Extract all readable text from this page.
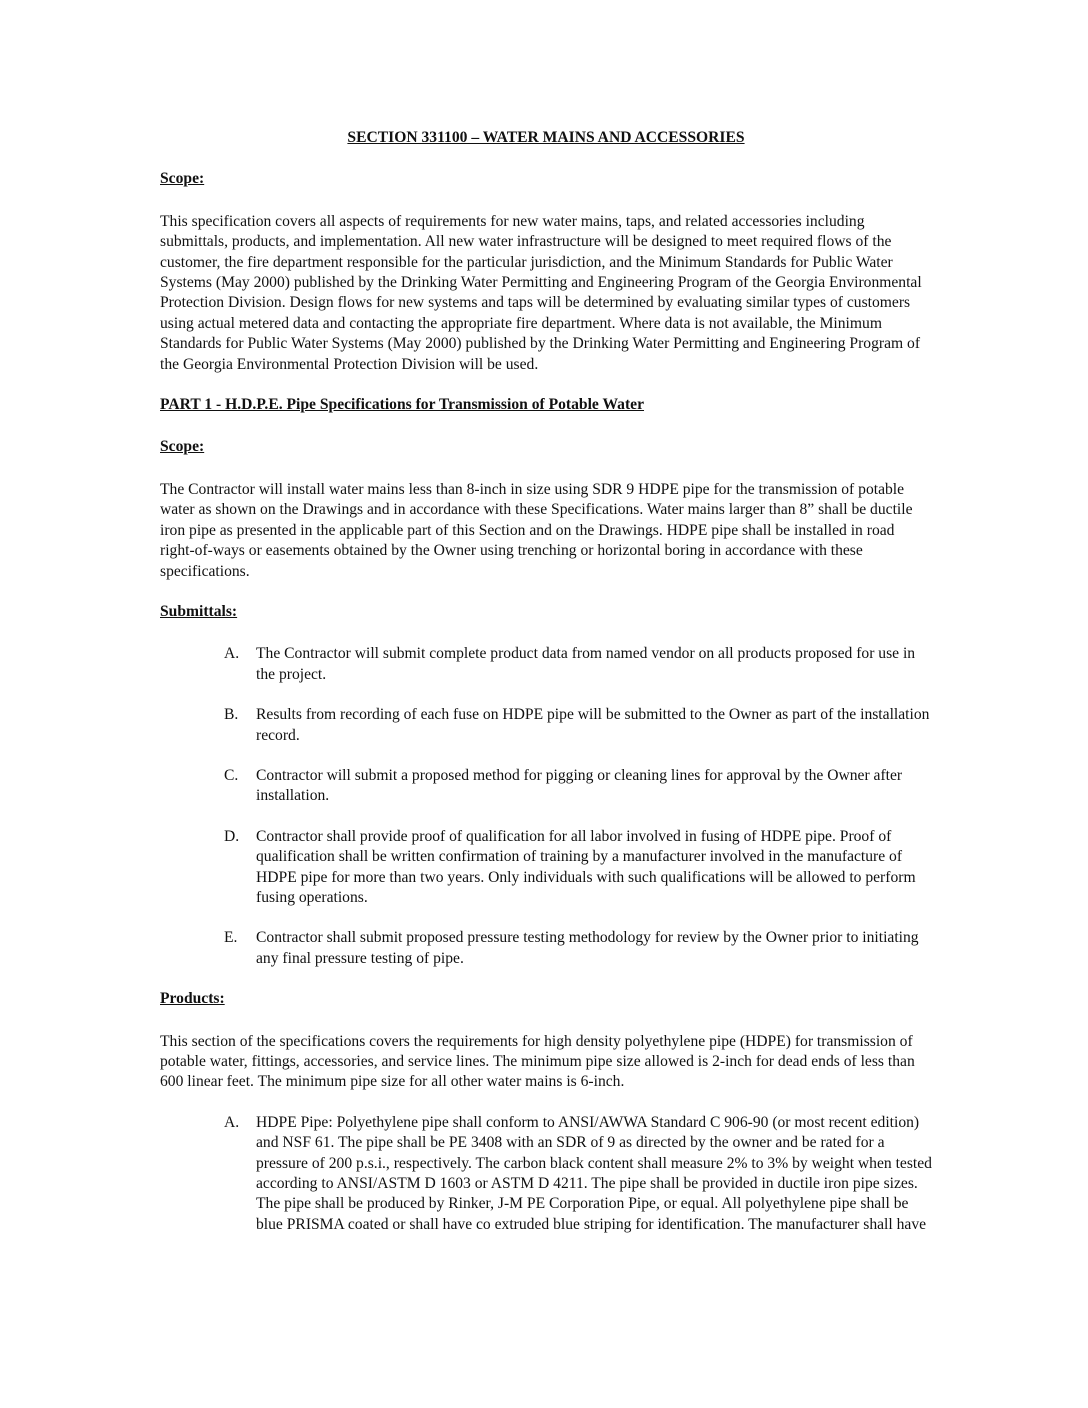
SECTION 331100 – WATER MAINS AND ACCESSORIES

Scope:

This specification covers all aspects of requirements for new water mains, taps, and related accessories including submittals, products, and implementation. All new water infrastructure will be designed to meet required flows of the customer, the fire department responsible for the particular jurisdiction, and the Minimum Standards for Public Water Systems (May 2000) published by the Drinking Water Permitting and Engineering Program of the Georgia Environmental Protection Division. Design flows for new systems and taps will be determined by evaluating similar types of customers using actual metered data and contacting the appropriate fire department. Where data is not available, the Minimum Standards for Public Water Systems (May 2000) published by the Drinking Water Permitting and Engineering Program of the Georgia Environmental Protection Division will be used.

PART 1 - H.D.P.E. Pipe Specifications for Transmission of Potable Water

Scope:

The Contractor will install water mains less than 8-inch in size using SDR 9 HDPE pipe for the transmission of potable water as shown on the Drawings and in accordance with these Specifications. Water mains larger than 8” shall be ductile iron pipe as presented in the applicable part of this Section and on the Drawings. HDPE pipe shall be installed in road right-of-ways or easements obtained by the Owner using trenching or horizontal boring in accordance with these specifications.

Submittals:

A.	The Contractor will submit complete product data from named vendor on all products proposed for use in the project.
B.	Results from recording of each fuse on HDPE pipe will be submitted to the Owner as part of the installation record.
C.	Contractor will submit a proposed method for pigging or cleaning lines for approval by the Owner after installation.
D.	Contractor shall provide proof of qualification for all labor involved in fusing of HDPE pipe. Proof of qualification shall be written confirmation of training by a manufacturer involved in the manufacture of HDPE pipe for more than two years. Only individuals with such qualifications will be allowed to perform fusing operations.
E.	Contractor shall submit proposed pressure testing methodology for review by the Owner prior to initiating any final pressure testing of pipe.

Products:

This section of the specifications covers the requirements for high density polyethylene pipe (HDPE) for transmission of potable water, fittings, accessories, and service lines. The minimum pipe size allowed is 2-inch for dead ends of less than 600 linear feet. The minimum pipe size for all other water mains is 6-inch.

A.	HDPE Pipe: Polyethylene pipe shall conform to ANSI/AWWA Standard C 906-90 (or most recent edition) and NSF 61. The pipe shall be PE 3408 with an SDR of 9 as directed by the owner and be rated for a pressure of 200 p.s.i., respectively. The carbon black content shall measure 2% to 3% by weight when tested according to ANSI/ASTM D 1603 or ASTM D 4211. The pipe shall be provided in ductile iron pipe sizes. The pipe shall be produced by Rinker, J-M PE Corporation Pipe, or equal. All polyethylene pipe shall be blue PRISMA coated or shall have co extruded blue striping for identification. The manufacturer shall have
